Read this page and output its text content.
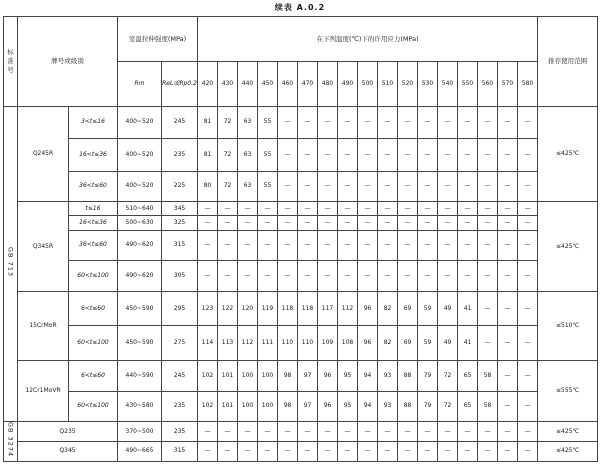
续表 A.0.2
标准号	牌号或级别		室温拉伸强度(MPa)		在下列温度(℃)下的许用应力(MPa)																	推荐使用范围
			Rm	ReL或Rp0.2	420	430	440	450	460	470	480	490	500	510	520	530	540	550	560	570	580	
GB 713	Q245R	3<t≤16	400~520	245	81	72	63	55	—	—	—	—	—	—	—	—	—	—	—	—	—	≤425℃
		16<t≤36	400~520	235	81	72	63	55	—	—	—	—	—	—	—	—	—	—	—	—	—	
		36<t≤60	400~520	225	80	72	63	55	—	—	—	—	—	—	—	—	—	—	—	—	—	
	Q345R	t≤16	510~640	345	—	—	—	—	—	—	—	—	—	—	—	—	—	—	—	—	—	≤425℃
		16<t≤36	500~630	325	—	—	—	—	—	—	—	—	—	—	—	—	—	—	—	—	—	
		36<t≤60	490~620	315	—	—	—	—	—	—	—	—	—	—	—	—	—	—	—	—	—	
		60<t≤100	490~620	305	—	—	—	—	—	—	—	—	—	—	—	—	—	—	—	—	—	
	15CrMoR	6<t≤60	450~590	295	123	122	120	119	118	118	117	112	96	82	69	59	49	41	—	—	—	≤510℃
		60<t≤100	450~590	275	114	113	112	111	110	110	109	108	96	82	69	59	49	41	—	—	—	
	12Cr1MoVR	6<t≤60	440~590	245	102	101	100	100	98	97	96	95	94	93	88	79	72	65	58	—	—	≤555℃
		60<t≤100	430~580	235	102	101	100	100	98	97	96	95	94	93	88	79	72	65	58	—	—	
GB 3274	Q235		370~500	235	—	—	—	—	—	—	—	—	—	—	—	—	—	—	—	—	—	≤425℃
	Q345		490~665	315	—	—	—	—	—	—	—	—	—	—	—	—	—	—	—	—	—	≤425℃
